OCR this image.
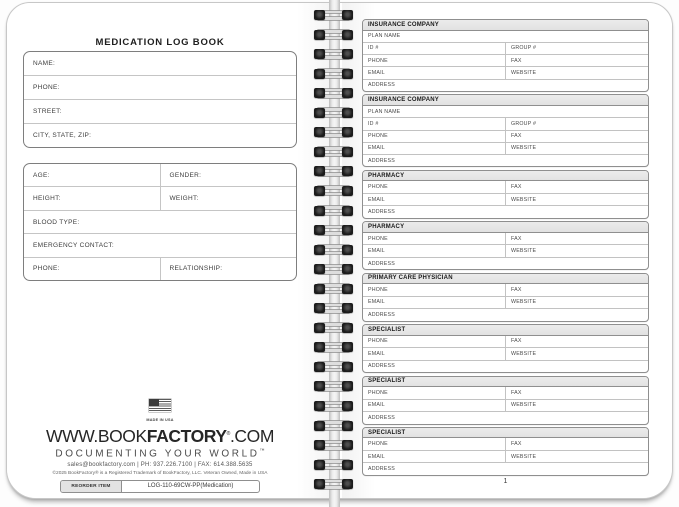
MEDICATION LOG BOOK
NAME:
PHONE:
STREET:
CITY, STATE, ZIP:
AGE:	GENDER:
HEIGHT:	WEIGHT:
BLOOD TYPE:
EMERGENCY CONTACT:
PHONE:	RELATIONSHIP:
MADE IN USA
WWW.BOOKFACTORY®.COM
DOCUMENTING YOUR WORLD™
sales@bookfactory.com | PH: 937.226.7100 | FAX: 614.388.5635
©2025 BookFactory® is a Registered Trademark of BookFactory, LLC. Veteran Owned, Made in USA
REORDER ITEM	LOG-110-69CW-PP(Medication)
INSURANCE COMPANY
PLAN NAME
ID #	GROUP #
PHONE	FAX
EMAIL	WEBSITE
ADDRESS
INSURANCE COMPANY
PLAN NAME
ID #	GROUP #
PHONE	FAX
EMAIL	WEBSITE
ADDRESS
PHARMACY
PHONE	FAX
EMAIL	WEBSITE
ADDRESS
PHARMACY
PHONE	FAX
EMAIL	WEBSITE
ADDRESS
PRIMARY CARE PHYSICIAN
PHONE	FAX
EMAIL	WEBSITE
ADDRESS
SPECIALIST
PHONE	FAX
EMAIL	WEBSITE
ADDRESS
SPECIALIST
PHONE	FAX
EMAIL	WEBSITE
ADDRESS
SPECIALIST
PHONE	FAX
EMAIL	WEBSITE
ADDRESS
1
